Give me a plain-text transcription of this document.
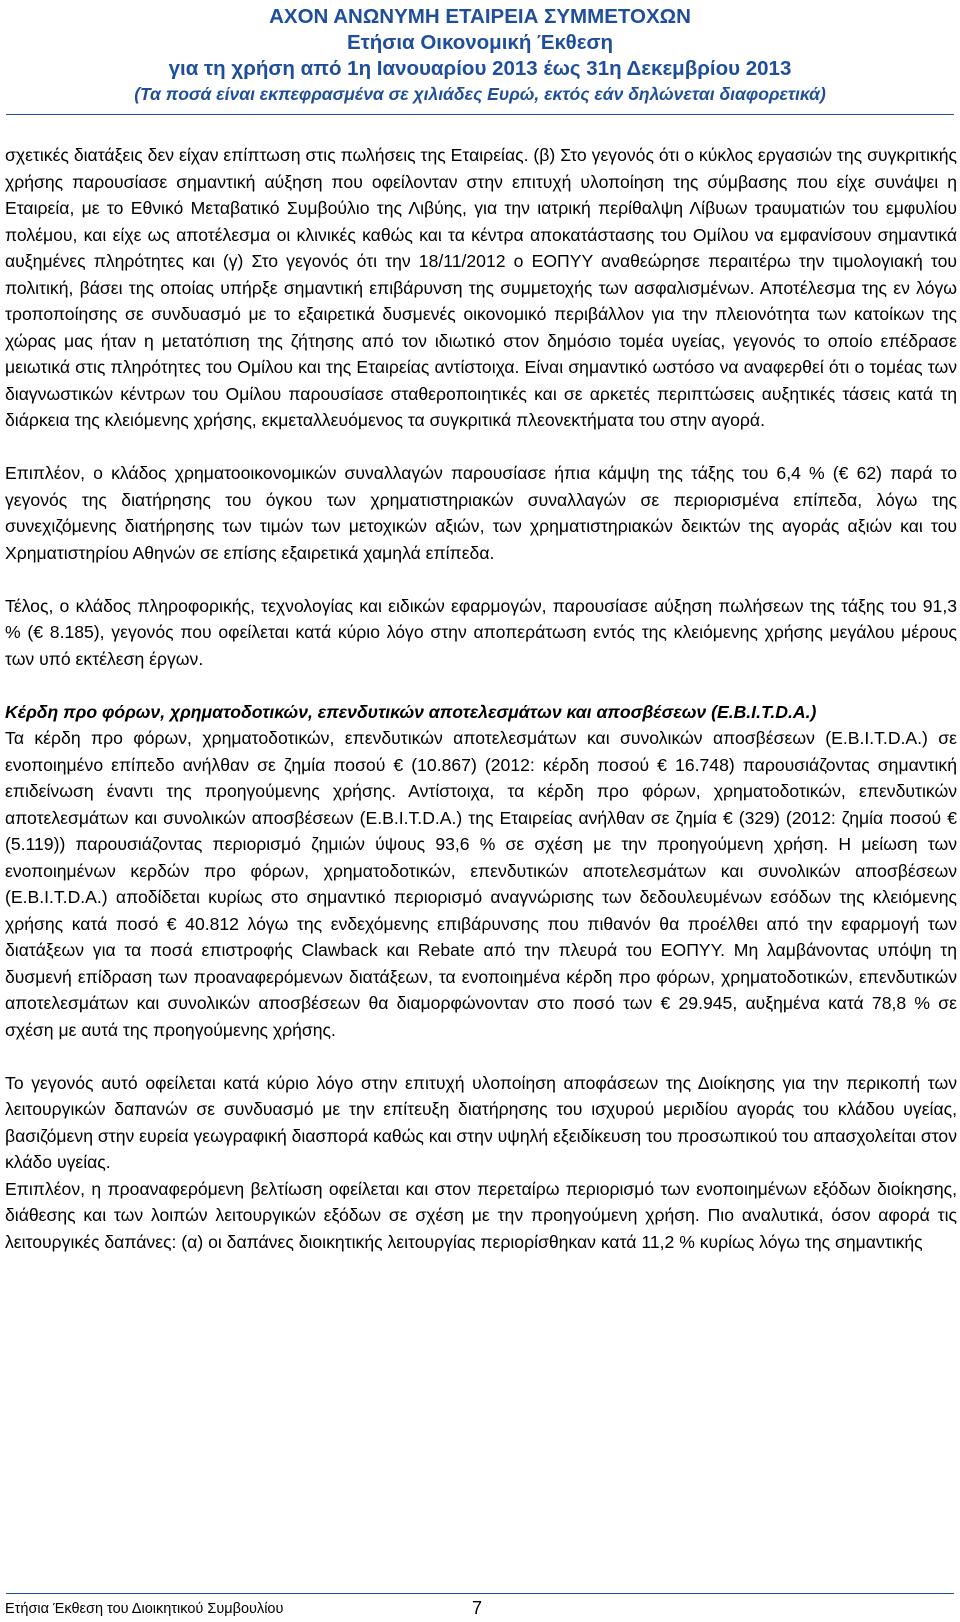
ΑΧΟΝ ΑΝΩΝΥΜΗ ΕΤΑΙΡΕΙΑ ΣΥΜΜΕΤΟΧΩΝ
Ετήσια Οικονομική Έκθεση
για τη χρήση από 1η Ιανουαρίου 2013 έως 31η Δεκεμβρίου 2013
(Τα ποσά είναι εκπεφρασμένα σε χιλιάδες Ευρώ, εκτός εάν δηλώνεται διαφορετικά)

σχετικές διατάξεις δεν είχαν επίπτωση στις πωλήσεις της Εταιρείας. (β) Στο γεγονός ότι ο κύκλος εργασιών της συγκριτικής χρήσης παρουσίασε σημαντική αύξηση που οφείλονταν στην επιτυχή υλοποίηση της σύμβασης που είχε συνάψει η Εταιρεία, με το Εθνικό Μεταβατικό Συμβούλιο της Λιβύης, για την ιατρική περίθαλψη Λίβυων τραυματιών του εμφυλίου πολέμου, και είχε ως αποτέλεσμα οι κλινικές καθώς και τα κέντρα αποκατάστασης του Ομίλου να εμφανίσουν σημαντικά αυξημένες πληρότητες και (γ) Στο γεγονός ότι την 18/11/2012 ο ΕΟΠΥΥ αναθεώρησε περαιτέρω την τιμολογιακή του πολιτική, βάσει της οποίας υπήρξε σημαντική επιβάρυνση της συμμετοχής των ασφαλισμένων. Αποτέλεσμα της εν λόγω τροποποίησης σε συνδυασμό με το εξαιρετικά δυσμενές οικονομικό περιβάλλον για την πλειονότητα των κατοίκων της χώρας μας ήταν η μετατόπιση της ζήτησης από τον ιδιωτικό στον δημόσιο τομέα υγείας, γεγονός το οποίο επέδρασε μειωτικά στις πληρότητες του Ομίλου και της Εταιρείας αντίστοιχα. Είναι σημαντικό ωστόσο να αναφερθεί ότι ο τομέας των διαγνωστικών κέντρων του Ομίλου παρουσίασε σταθεροποιητικές και σε αρκετές περιπτώσεις αυξητικές τάσεις κατά τη διάρκεια της κλειόμενης χρήσης, εκμεταλλευόμενος τα συγκριτικά πλεονεκτήματα του στην αγορά.

Επιπλέον, ο κλάδος χρηματοοικονομικών συναλλαγών παρουσίασε ήπια κάμψη της τάξης του 6,4 % (€ 62) παρά το γεγονός της διατήρησης του όγκου των χρηματιστηριακών συναλλαγών σε περιορισμένα επίπεδα, λόγω της συνεχιζόμενης διατήρησης των τιμών των μετοχικών αξιών, των χρηματιστηριακών δεικτών της αγοράς αξιών και του Χρηματιστηρίου Αθηνών σε επίσης εξαιρετικά χαμηλά επίπεδα.

Τέλος, ο κλάδος πληροφορικής, τεχνολογίας και ειδικών εφαρμογών, παρουσίασε αύξηση πωλήσεων της τάξης του 91,3 % (€ 8.185), γεγονός που οφείλεται κατά κύριο λόγο στην αποπεράτωση εντός της κλειόμενης χρήσης μεγάλου μέρους των υπό εκτέλεση έργων.

Κέρδη προ φόρων, χρηματοδοτικών, επενδυτικών αποτελεσμάτων και αποσβέσεων (E.B.I.T.D.A.)

Τα κέρδη προ φόρων, χρηματοδοτικών, επενδυτικών αποτελεσμάτων και συνολικών αποσβέσεων (E.B.I.T.D.A.) σε ενοποιημένο επίπεδο ανήλθαν σε ζημία ποσού € (10.867) (2012: κέρδη ποσού € 16.748) παρουσιάζοντας σημαντική επιδείνωση έναντι της προηγούμενης χρήσης. Αντίστοιχα, τα κέρδη προ φόρων, χρηματοδοτικών, επενδυτικών αποτελεσμάτων και συνολικών αποσβέσεων (E.B.I.T.D.A.) της Εταιρείας ανήλθαν σε ζημία € (329) (2012: ζημία ποσού € (5.119)) παρουσιάζοντας περιορισμό ζημιών ύψους 93,6 % σε σχέση με την προηγούμενη χρήση. Η μείωση των ενοποιημένων κερδών προ φόρων, χρηματοδοτικών, επενδυτικών αποτελεσμάτων και συνολικών αποσβέσεων (E.B.I.T.D.A.) αποδίδεται κυρίως στο σημαντικό περιορισμό αναγνώρισης των δεδουλευμένων εσόδων της κλειόμενης χρήσης κατά ποσό € 40.812 λόγω της ενδεχόμενης επιβάρυνσης που πιθανόν θα προέλθει από την εφαρμογή των διατάξεων για τα ποσά επιστροφής Clawback και Rebate από την πλευρά του ΕΟΠΥΥ. Μη λαμβάνοντας υπόψη τη δυσμενή επίδραση των προαναφερόμενων διατάξεων, τα ενοποιημένα κέρδη προ φόρων, χρηματοδοτικών, επενδυτικών αποτελεσμάτων και συνολικών αποσβέσεων θα διαμορφώνονταν στο ποσό των € 29.945, αυξημένα κατά 78,8 % σε σχέση με αυτά της προηγούμενης χρήσης.

Το γεγονός αυτό οφείλεται κατά κύριο λόγο στην επιτυχή υλοποίηση αποφάσεων της Διοίκησης για την περικοπή των λειτουργικών δαπανών σε συνδυασμό με την επίτευξη διατήρησης του ισχυρού μεριδίου αγοράς του κλάδου υγείας, βασιζόμενη στην ευρεία γεωγραφική διασπορά καθώς και στην υψηλή εξειδίκευση του προσωπικού του απασχολείται στον κλάδο υγείας.

Επιπλέον, η προαναφερόμενη βελτίωση οφείλεται και στον περεταίρω περιορισμό των ενοποιημένων εξόδων διοίκησης, διάθεσης και των λοιπών λειτουργικών εξόδων σε σχέση με την προηγούμενη χρήση. Πιο αναλυτικά, όσον αφορά τις λειτουργικές δαπάνες: (α) οι δαπάνες διοικητικής λειτουργίας περιορίσθηκαν κατά 11,2 % κυρίως λόγω της σημαντικής

Ετήσια Έκθεση του Διοικητικού Συμβουλίου	7
